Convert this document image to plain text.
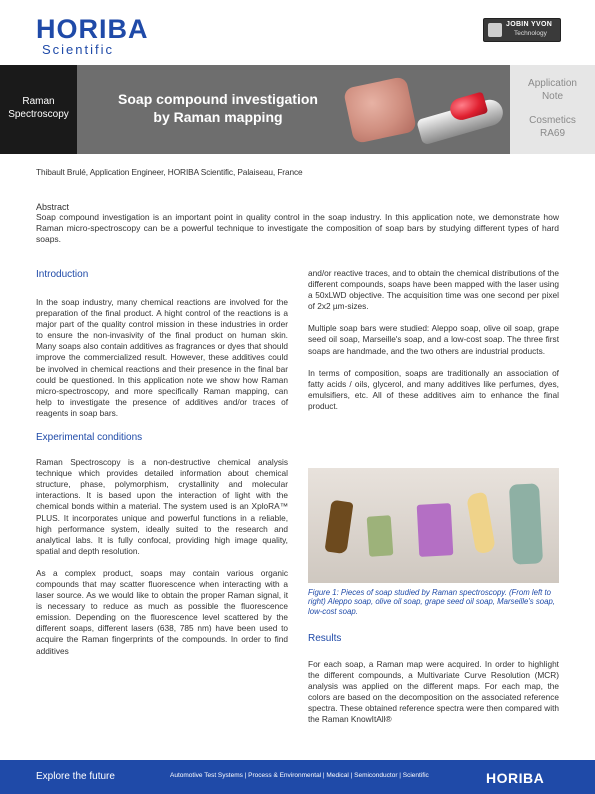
HORIBA
Scientific
JOBIN YVON
Technology
Raman
Spectroscopy
Soap compound investigation
by Raman mapping
Application
Note
Cosmetics
RA69
Thibault Brulé, Application Engineer, HORIBA Scientific, Palaiseau, France
Abstract
Soap compound investigation is an important point in quality control in the soap industry. In this application note, we demonstrate how Raman micro-spectroscopy can be a powerful technique to investigate the composition of soap bars by studying different types of hard soaps.
Introduction

In the soap industry, many chemical reactions are involved for the preparation of the final product. A hight control of the reactions is a major part of the quality control mission in these industries in order to ensure the non-invasivity of the final product on human skin. Many soaps also contain additives as fragrances or dyes that should improve the commercialized result. However, these additives could be involved in chemical reactions and their presence in the final bar could be questioned. In this application note we show how Raman micro-spectroscopy, and more specifically Raman mapping, can help to investigate the presence of additives and/or traces of reagents in soap bars.

Experimental conditions

Raman Spectroscopy is a non-destructive chemical analysis technique which provides detailed information about chemical structure, phase, polymorphism, crystallinity and molecular interactions. It is based upon the interaction of light with the chemical bonds within a material. The system used is an XploRA™ PLUS. It incorporates unique and powerful functions in a reliable, high performance system, ideally suited to the research and analytical labs. It is fully confocal, providing high image quality, spatial and depth resolution.

As a complex product, soaps may contain various organic compounds that may scatter fluorescence when interacting with a laser source. As we would like to obtain the proper Raman signal, it is necessary to reduce as much as possible the fluorescence emission. Depending on the fluorescence level scattered by the different soaps, different lasers (638, 785 nm) have been used to acquire the Raman fingerprints of the compounds. In order to find additives

and/or reactive traces, and to obtain the chemical distributions of the different compounds, soaps have been mapped with the laser using a 50xLWD objective. The acquisition time was one second per pixel of 2x2 µm-sizes.

Multiple soap bars were studied: Aleppo soap, olive oil soap, grape seed oil soap, Marseille's soap, and a low-cost soap. The three first soaps are handmade, and the two others are industrial products.

In terms of composition, soaps are traditionally an association of fatty acids / oils, glycerol, and many additives like perfumes, dyes, emulsifiers, etc. All of these additives aim to enhance the final product.

Figure 1: Pieces of soap studied by Raman spectroscopy. (From left to right) Aleppo soap, olive oil soap, grape seed oil soap, Marseille's soap, low-cost soap.
Results

For each soap, a Raman map were acquired. In order to highlight the different compounds, a Multivariate Curve Resolution (MCR) analysis was applied on the different maps. For each map, the colors are based on the decomposition on the associated reference spectra. These obtained reference spectra were then compared with the Raman KnowItAll®

Explore the future	Automotive Test Systems | Process & Environmental | Medical | Semiconductor | Scientific	HORIBA
